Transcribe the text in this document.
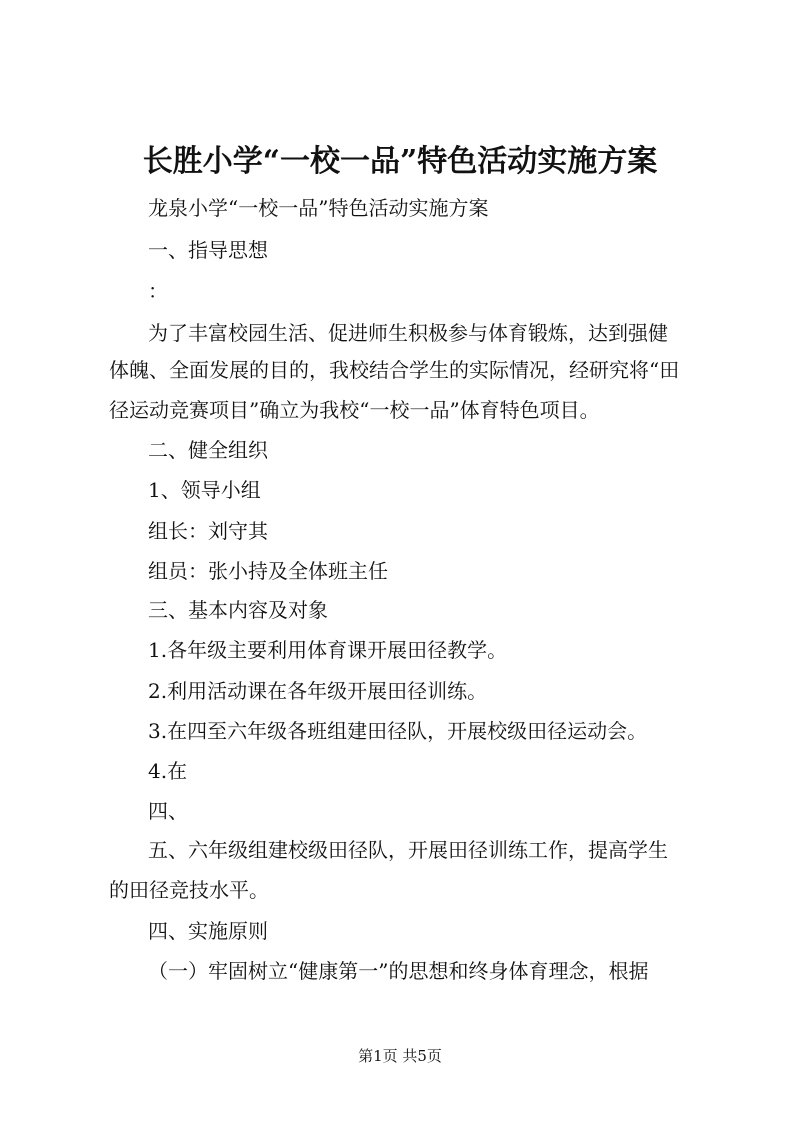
长胜小学“一校一品”特色活动实施方案
龙泉小学“一校一品”特色活动实施方案
一、指导思想
：
为了丰富校园生活、促进师生积极参与体育锻炼，达到强健
体魄、全面发展的目的，我校结合学生的实际情况，经研究将“田
径运动竞赛项目”确立为我校“一校一品”体育特色项目。
二、健全组织
1、领导小组
组长：刘守其
组员：张小持及全体班主任
三、基本内容及对象
1.各年级主要利用体育课开展田径教学。
2.利用活动课在各年级开展田径训练。
3.在四至六年级各班组建田径队，开展校级田径运动会。
4.在
四、
五、六年级组建校级田径队，开展田径训练工作，提高学生
的田径竞技水平。
四、实施原则
（一）牢固树立“健康第一”的思想和终身体育理念，根据
第1页 共5页
